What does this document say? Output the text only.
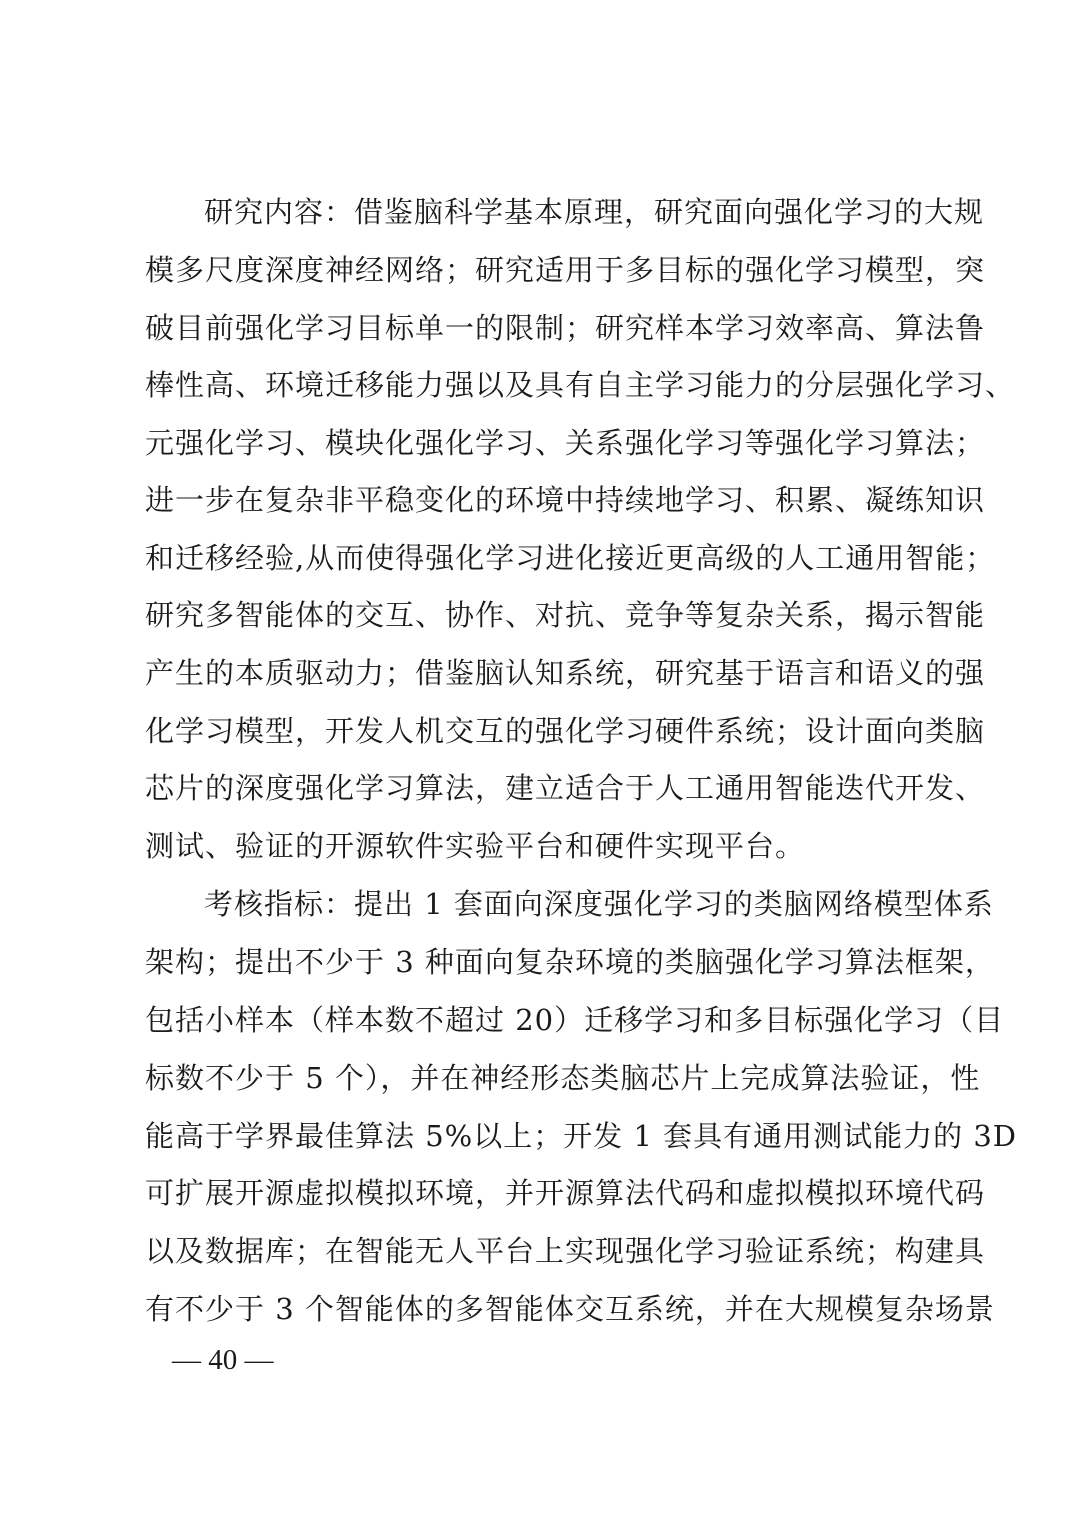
研究内容：借鉴脑科学基本原理，研究面向强化学习的大规
模多尺度深度神经网络；研究适用于多目标的强化学习模型，突
破目前强化学习目标单一的限制；研究样本学习效率高、算法鲁
棒性高、环境迁移能力强以及具有自主学习能力的分层强化学习、
元强化学习、模块化强化学习、关系强化学习等强化学习算法；
进一步在复杂非平稳变化的环境中持续地学习、积累、凝练知识
和迁移经验,从而使得强化学习进化接近更高级的人工通用智能；
研究多智能体的交互、协作、对抗、竞争等复杂关系，揭示智能
产生的本质驱动力；借鉴脑认知系统，研究基于语言和语义的强
化学习模型，开发人机交互的强化学习硬件系统；设计面向类脑
芯片的深度强化学习算法，建立适合于人工通用智能迭代开发、
测试、验证的开源软件实验平台和硬件实现平台。
考核指标：提出 1 套面向深度强化学习的类脑网络模型体系
架构；提出不少于 3 种面向复杂环境的类脑强化学习算法框架，
包括小样本（样本数不超过 20）迁移学习和多目标强化学习（目
标数不少于 5 个），并在神经形态类脑芯片上完成算法验证，性
能高于学界最佳算法 5%以上；开发 1 套具有通用测试能力的 3D
可扩展开源虚拟模拟环境，并开源算法代码和虚拟模拟环境代码
以及数据库；在智能无人平台上实现强化学习验证系统；构建具
有不少于 3 个智能体的多智能体交互系统，并在大规模复杂场景
— 40 —
